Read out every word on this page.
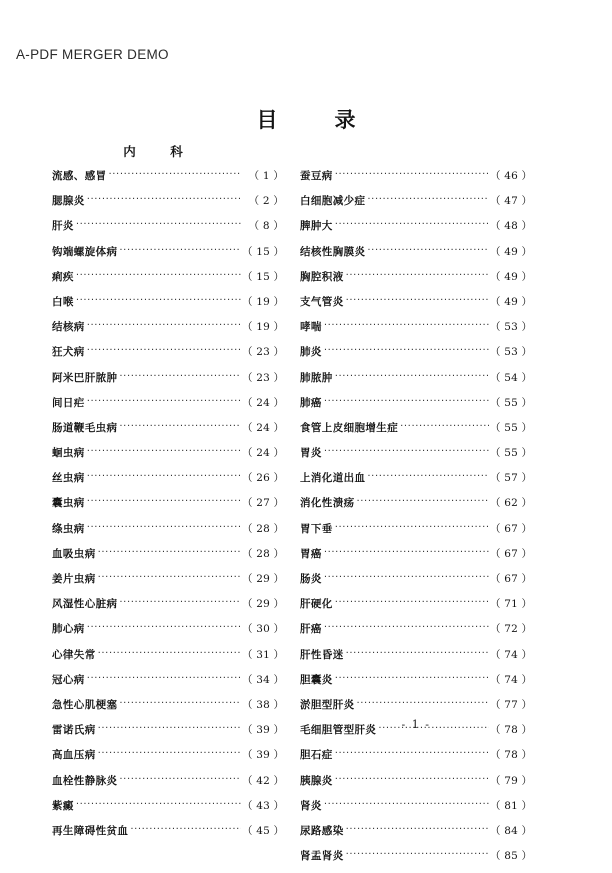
A-PDF MERGER DEMO
目　录
内　科
流感、感冒 ·····	（ 1 ）
腮腺炎 ·····	（ 2 ）
肝炎 ·····	（ 8 ）
钩端螺旋体病 ·····	（ 15 ）
痢疾 ·····	（ 15 ）
白喉 ·····	（ 19 ）
结核病 ·····	（ 19 ）
狂犬病 ·····	（ 23 ）
阿米巴肝脓肿 ·····	（ 23 ）
间日疟 ·····	（ 24 ）
肠道鞭毛虫病 ·····	（ 24 ）
蛔虫病 ·····	（ 24 ）
丝虫病 ·····	（ 26 ）
囊虫病 ·····	（ 27 ）
绦虫病 ·····	（ 28 ）
血吸虫病 ·····	（ 28 ）
姜片虫病 ·····	（ 29 ）
风湿性心脏病 ·····	（ 29 ）
肺心病 ·····	（ 30 ）
心律失常 ·····	（ 31 ）
冠心病 ·····	（ 34 ）
急性心肌梗塞 ·····	（ 38 ）
雷诺氏病 ·····	（ 39 ）
高血压病 ·····	（ 39 ）
血栓性静脉炎 ·····	（ 42 ）
紫癜 ·····	（ 43 ）
再生障碍性贫血 ·····	（ 45 ）
蚕豆病 ·····	（ 46 ）
白细胞减少症 ·····	（ 47 ）
脾肿大 ·····	（ 48 ）
结核性胸膜炎 ·····	（ 49 ）
胸腔积液 ·····	（ 49 ）
支气管炎 ·····	（ 49 ）
哮喘 ·····	（ 53 ）
肺炎 ·····	（ 53 ）
肺脓肿 ·····	（ 54 ）
肺癌 ·····	（ 55 ）
食管上皮细胞增生症 ·····	（ 55 ）
胃炎 ·····	（ 55 ）
上消化道出血 ·····	（ 57 ）
消化性溃疡 ·····	（ 62 ）
胃下垂 ·····	（ 67 ）
胃癌 ·····	（ 67 ）
肠炎 ·····	（ 67 ）
肝硬化 ·····	（ 71 ）
肝癌 ·····	（ 72 ）
肝性昏迷 ·····	（ 74 ）
胆囊炎 ·····	（ 74 ）
淤胆型肝炎 ·····	（ 77 ）
毛细胆管型肝炎 ·····	（ 78 ）
胆石症 ·····	（ 78 ）
胰腺炎 ·····	（ 79 ）
肾炎 ·····	（ 81 ）
尿路感染 ·····	（ 84 ）
肾盂肾炎 ·····	（ 85 ）
- 1 -
